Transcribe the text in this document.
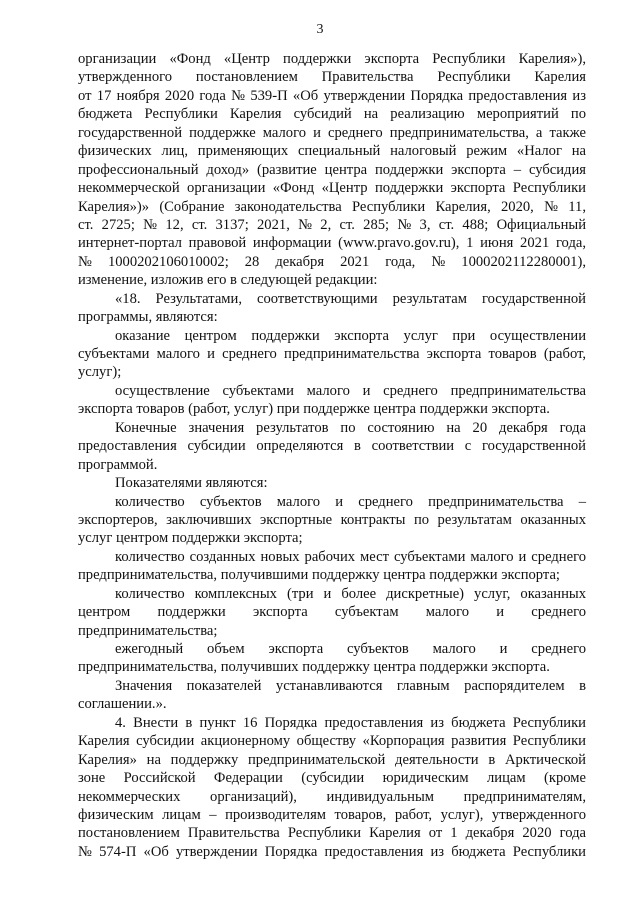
3
организации «Фонд «Центр поддержки экспорта Республики Карелия»),
утвержденного постановлением Правительства Республики Карелия
от 17 ноября 2020 года № 539-П «Об утверждении Порядка предоставления из
бюджета Республики Карелия субсидий на реализацию мероприятий по
государственной поддержке малого и среднего предпринимательства, а также
физических лиц, применяющих специальный налоговый режим «Налог на
профессиональный доход» (развитие центра поддержки экспорта – субсидия
некоммерческой организации «Фонд «Центр поддержки экспорта Республики
Карелия»)» (Собрание законодательства Республики Карелия, 2020, № 11,
ст. 2725; № 12, ст. 3137; 2021, № 2, ст. 285; № 3, ст. 488; Официальный
интернет-портал правовой информации (www.pravo.gov.ru), 1 июня 2021 года,
№ 1000202106010002; 28 декабря 2021 года, № 1000202112280001),
изменение, изложив его в следующей редакции:
«18. Результатами, соответствующими результатам государственной
программы, являются:
оказание центром поддержки экспорта услуг при осуществлении
субъектами малого и среднего предпринимательства экспорта товаров (работ,
услуг);
осуществление субъектами малого и среднего предпринимательства
экспорта товаров (работ, услуг) при поддержке центра поддержки экспорта.
Конечные значения результатов по состоянию на 20 декабря года
предоставления субсидии определяются в соответствии с государственной
программой.
Показателями являются:
количество субъектов малого и среднего предпринимательства –
экспортеров, заключивших экспортные контракты по результатам оказанных
услуг центром поддержки экспорта;
количество созданных новых рабочих мест субъектами малого и среднего
предпринимательства, получившими поддержку центра поддержки экспорта;
количество комплексных (три и более дискретные) услуг, оказанных
центром поддержки экспорта субъектам малого и среднего
предпринимательства;
ежегодный объем экспорта субъектов малого и среднего
предпринимательства, получивших поддержку центра поддержки экспорта.
Значения показателей устанавливаются главным распорядителем в
соглашении.».
4. Внести в пункт 16 Порядка предоставления из бюджета Республики
Карелия субсидии акционерному обществу «Корпорация развития Республики
Карелия» на поддержку предпринимательской деятельности в Арктической
зоне Российской Федерации (субсидии юридическим лицам (кроме
некоммерческих организаций), индивидуальным предпринимателям,
физическим лицам – производителям товаров, работ, услуг), утвержденного
постановлением Правительства Республики Карелия от 1 декабря 2020 года
№ 574-П «Об утверждении Порядка предоставления из бюджета Республики
